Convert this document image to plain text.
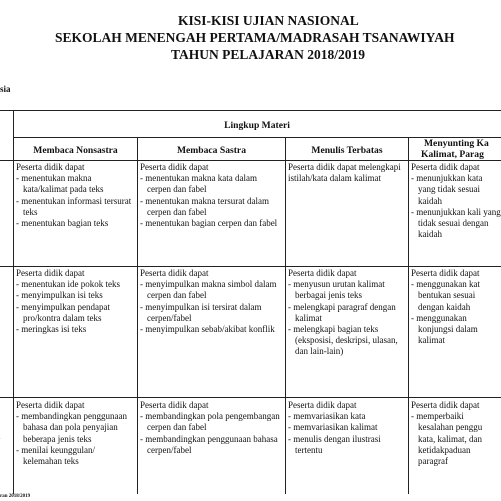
KISI-KISI UJIAN NASIONAL
SEKOLAH MENENGAH PERTAMA/MADRASAH TSANAWIYAH
TAHUN PELAJARAN 2018/2019
sia
Lingkup Materi
Membaca Nonsastra	Membaca Sastra	Menulis Terbatas
Menyunting Ka
Kalimat, Parag
Peserta didik dapat
- menentukan makna kata/kalimat pada teks
- menentukan informasi tersurat teks
- menentukan bagian teks
Peserta didik dapat
- menentukan makna kata dalam cerpen dan fabel
- menentukan makna tersurat dalam cerpen dan fabel
- menentukan bagian cerpen dan fabel
Peserta didik dapat melengkapi istilah/kata dalam kalimat
Peserta didik dapat
- menunjukkan kata yang tidak sesuai kaidah
- menunjukkan kali yang tidak sesuai dengan kaidah
Peserta didik dapat
- menentukan ide pokok teks
- menyimpulkan isi teks
- menyimpulkan pendapat pro/kontra dalam teks
- meringkas isi teks
Peserta didik dapat
- menyimpulkan makna simbol dalam cerpen dan fabel
- menyimpulkan isi tersirat dalam cerpen/fabel
- menyimpulkan sebab/akibat konflik
Peserta didik dapat
- menyusun urutan kalimat berbagai jenis teks
- melengkapi paragraf dengan kalimat
- melengkapi bagian teks (eksposisi, deskripsi, ulasan, dan lain-lain)
Peserta didik dapat
- menggunakan kat bentukan sesuai dengan kaidah
- menggunakan konjungsi dalam kalimat
Peserta didik dapat
- membandingkan penggunaan bahasa dan pola penyajian beberapa jenis teks
- menilai keunggulan/ kelemahan teks
Peserta didik dapat
- membandingkan pola pengembangan cerpen dan fabel
- membandingkan penggunaan bahasa cerpen/fabel
Peserta didik dapat
- memvariasikan kata
- memvariasikan kalimat
- menulis dengan ilustrasi tertentu
Peserta didik dapat
- memperbaiki kesalahan penggu kata, kalimat, dan ketidakpaduan paragraf
ran 2018/2019
